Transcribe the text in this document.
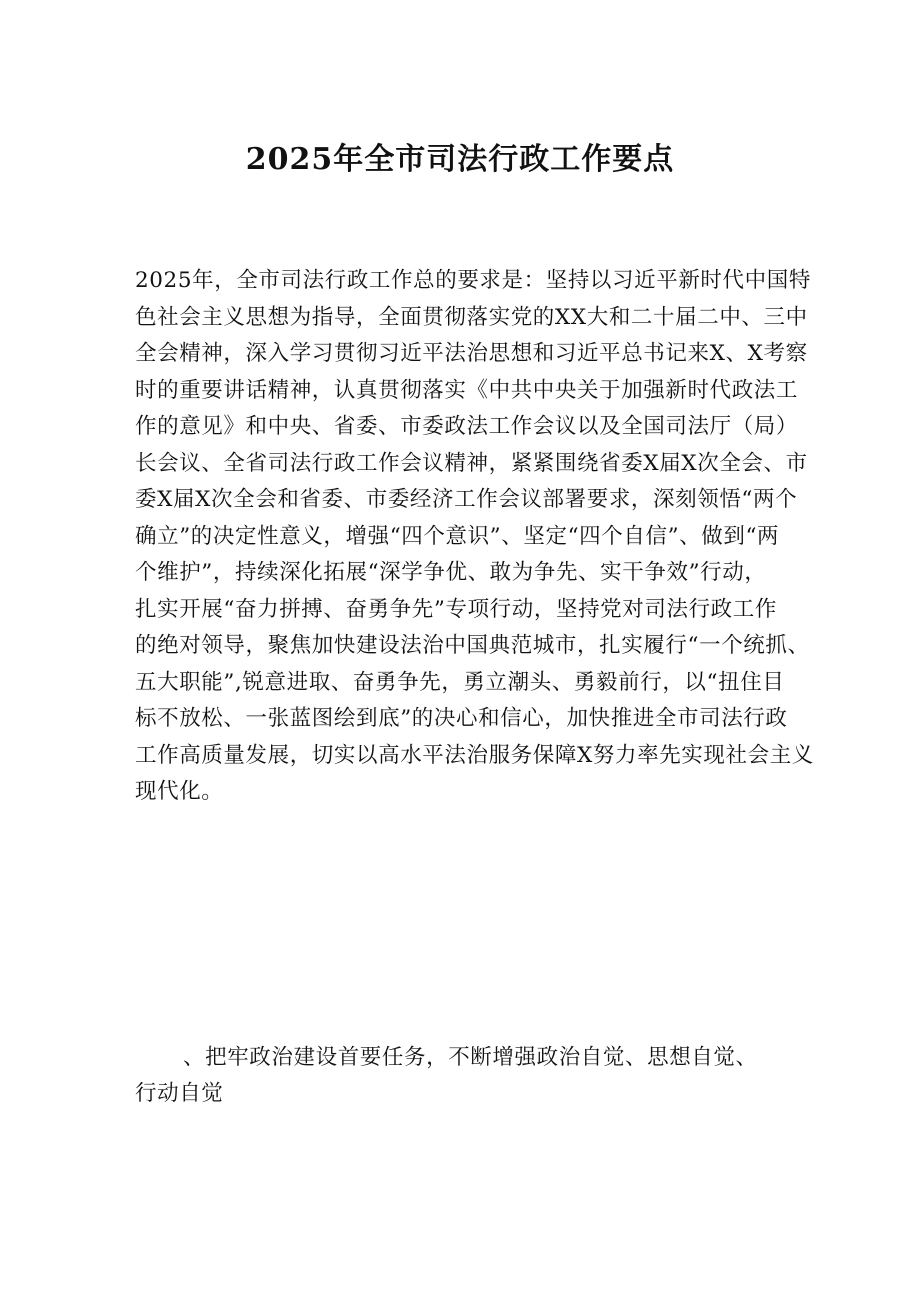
2025年全市司法行政工作要点
2025年，全市司法行政工作总的要求是：坚持以习近平新时代中国特
色社会主义思想为指导，全面贯彻落实党的XX大和二十届二中、三中
全会精神，深入学习贯彻习近平法治思想和习近平总书记来X、X考察
时的重要讲话精神，认真贯彻落实《中共中央关于加强新时代政法工
作的意见》和中央、省委、市委政法工作会议以及全国司法厅（局）
长会议、全省司法行政工作会议精神，紧紧围绕省委X届X次全会、市
委X届X次全会和省委、市委经济工作会议部署要求，深刻领悟“两个
确立”的决定性意义，增强“四个意识”、坚定“四个自信”、做到“两
个维护”，持续深化拓展“深学争优、敢为争先、实干争效”行动，
扎实开展“奋力拼搏、奋勇争先”专项行动，坚持党对司法行政工作
的绝对领导，聚焦加快建设法治中国典范城市，扎实履行“一个统抓、
五大职能”,锐意进取、奋勇争先，勇立潮头、勇毅前行，以“扭住目
标不放松、一张蓝图绘到底”的决心和信心，加快推进全市司法行政
工作高质量发展，切实以高水平法治服务保障X努力率先实现社会主义
现代化。
、把牢政治建设首要任务，不断增强政治自觉、思想自觉、
行动自觉
